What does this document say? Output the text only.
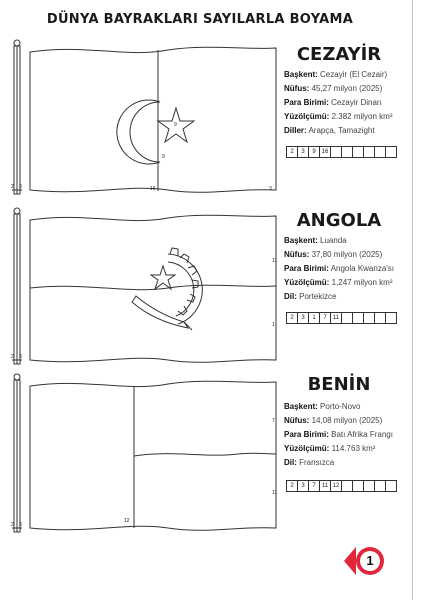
DÜNYA BAYRAKLARI SAYILARLA BOYAMA
2 3
9
9
16	3
CEZAYİR
Başkent: Cezayir (El Cezair)
Nüfus: 45,27 milyon (2025)
Para Birimi: Cezayir Dinarı
Yüzölçümü: 2.382 milyon km²
Diller: Arapça, Tamazight
2	3	9 16
2 3
11
1
ANGOLA
Başkent: Luanda
Nüfus: 37,80 milyon (2025)
Para Birimi: Angola Kwanza'sı
Yüzölçümü: 1,247 milyon km²
Dil: Portekizce
2	3	1	7	11
2 3
7
12
11
BENİN
Başkent: Porto-Novo
Nüfus: 14,08 milyon (2025)
Para Birimi: Batı Afrika Frangı
Yüzölçümü: 114.763 km²
Dil: Fransızca
2	3	7	11 12
1
